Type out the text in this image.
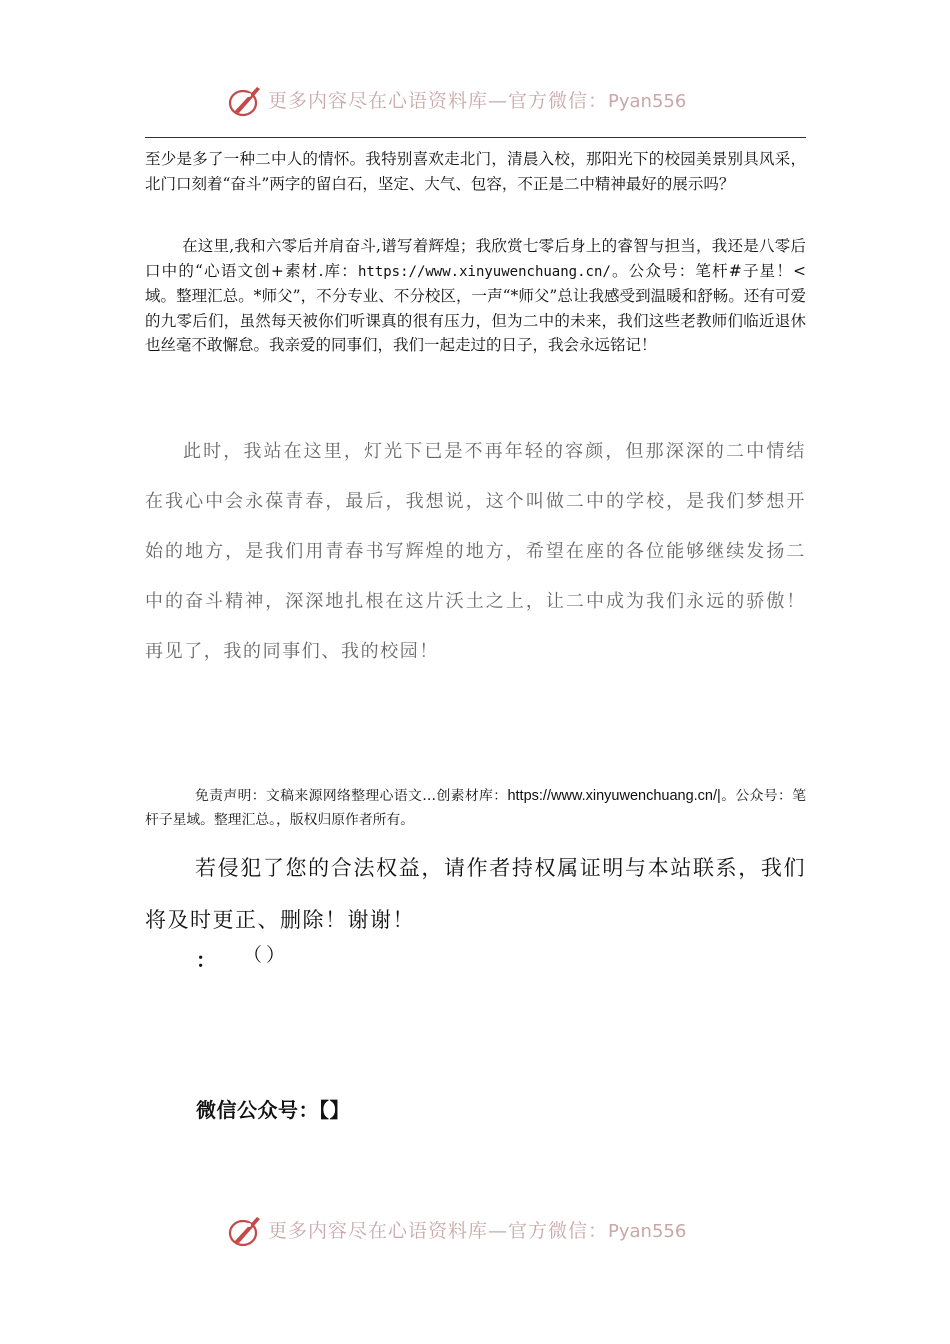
更多内容尽在心语资料库—官方微信：Pyan556

至少是多了一种二中人的情怀。我特别喜欢走北门，清晨入校，那阳光下的校园美景别具风采，北门口刻着“奋斗”两字的留白石，坚定、大气、包容，不正是二中精神最好的展示吗？

在这里,我和六零后并肩奋斗,谱写着辉煌；我欣赏七零后身上的睿智与担当，我还是八零后口中的“心语文创+素材.库：https://www.xinyuwenchuang.cn/。公众号：笔杆#子星！<域。整理汇总。*师父”，不分专业、不分校区，一声“*师父”总让我感受到温暖和舒畅。还有可爱的九零后们，虽然每天被你们听课真的很有压力，但为二中的未来，我们这些老教师们临近退休也丝毫不敢懈怠。我亲爱的同事们，我们一起走过的日子，我会永远铭记！

此时，我站在这里，灯光下已是不再年轻的容颜，但那深深的二中情结在我心中会永葆青春，最后，我想说，这个叫做二中的学校，是我们梦想开始的地方，是我们用青春书写辉煌的地方，希望在座的各位能够继续发扬二中的奋斗精神，深深地扎根在这片沃土之上，让二中成为我们永远的骄傲！再见了，我的同事们、我的校园！

免责声明：文稿来源网络整理心语文…创素材库：https://www.xinyuwenchuang.cn/|。公众号：笔杆子星域。整理汇总。，版权归原作者所有。

若侵犯了您的合法权益，请作者持权属证明与本站联系，我们将及时更正、删除！谢谢！

： （）
微信公众号：【】
更多内容尽在心语资料库—官方微信：Pyan556
